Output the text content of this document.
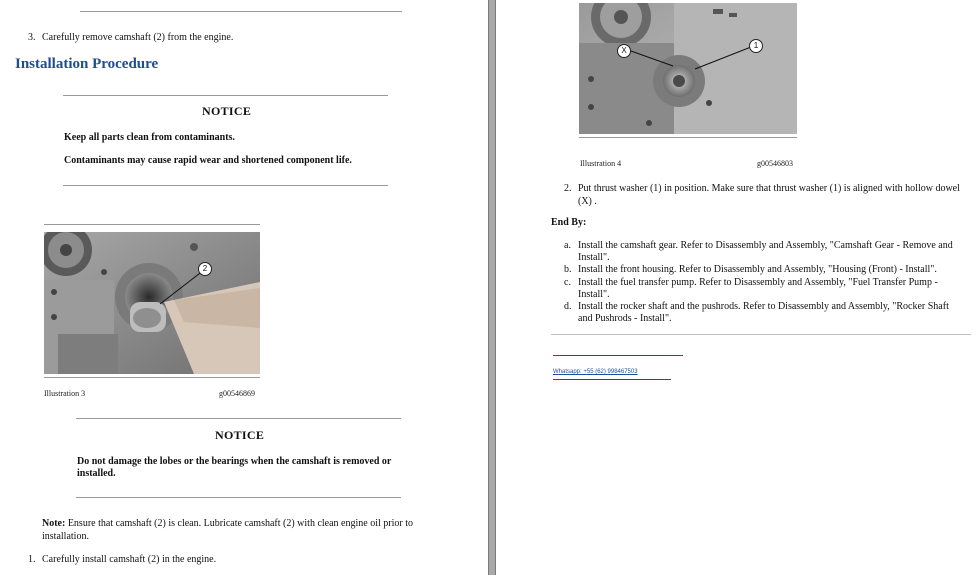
3. Carefully remove camshaft (2) from the engine.
Installation Procedure
NOTICE
Keep all parts clean from contaminants.
Contaminants may cause rapid wear and shortened component life.
2
Illustration 3	g00546869
NOTICE
Do not damage the lobes or the bearings when the camshaft is removed or installed.
Note: Ensure that camshaft (2) is clean. Lubricate camshaft (2) with clean engine oil prior to installation.
1. Carefully install camshaft (2) in the engine.
X
1
Illustration 4	g00546803
2. Put thrust washer (1) in position. Make sure that thrust washer (1) is aligned with hollow dowel (X) .
End By:
a. Install the camshaft gear. Refer to Disassembly and Assembly, "Camshaft Gear - Remove and Install".
b. Install the front housing. Refer to Disassembly and Assembly, "Housing (Front) - Install".
c. Install the fuel transfer pump. Refer to Disassembly and Assembly, "Fuel Transfer Pump - Install".
d. Install the rocker shaft and the pushrods. Refer to Disassembly and Assembly, "Rocker Shaft and Pushrods - Install".
Whatsapp: +55 (62) 998467503
